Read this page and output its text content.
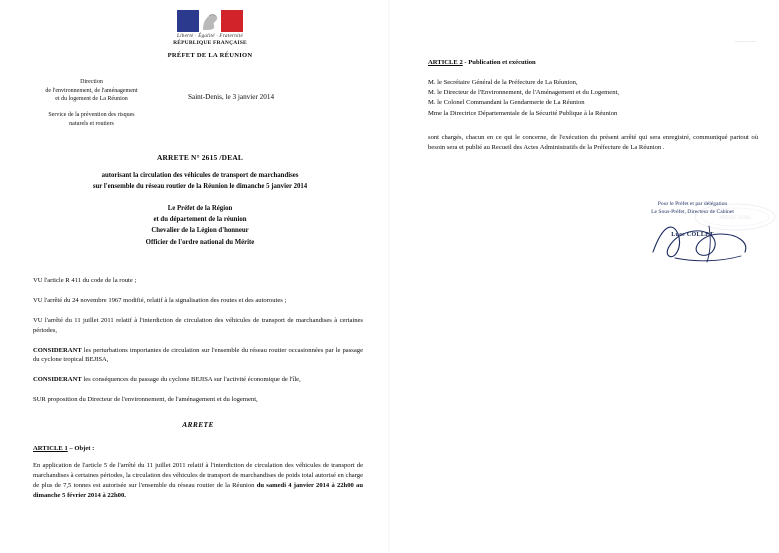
Liberté · Égalité · Fraternité
RÉPUBLIQUE FRANÇAISE
PRÉFET DE LA RÉUNION
Direction
de l'environnement, de l'aménagement
et du logement de La Réunion
Service de la prévention des risques
naturels et routiers
Saint-Denis, le 3 janvier 2014
ARRETE N° 2615 /DEAL
autorisant la circulation des véhicules de transport de marchandises
sur l'ensemble du réseau routier de la Réunion le dimanche 5 janvier 2014
Le Préfet de la Région
et du département de la réunion
Chevalier de la Légion d'honneur
Officier de l'ordre national du Mérite
VU l'article R 411 du code de la route ;
VU l'arrêté du 24 novembre 1967 modifié, relatif à la signalisation des routes et des autoroutes ;
VU l'arrêté du 11 juillet 2011 relatif à l'interdiction de circulation des véhicules de transport de marchandises à certaines périodes,
CONSIDERANT les perturbations importantes de circulation sur l'ensemble du réseau routier occasionnées par le passage du cyclone tropical BEJISA,
CONSIDERANT les conséquences du passage du cyclone BEJISA sur l'activité économique de l'île,
SUR proposition du Directeur de l'environnement, de l'aménagement et du logement,
ARRETE
ARTICLE 1 – Objet :
En application de l'article 5 de l'arrêté du 11 juillet 2011 relatif à l'interdiction de circulation des véhicules de transport de marchandises à certaines périodes, la circulation des véhicules de transport de marchandises de poids total autorisé en charge de plus de 7,5 tonnes est autorisée sur l'ensemble du réseau routier de la Réunion du samedi 4 janvier 2014 à 22h00 au dimanche 5 février 2014 à 22h00.
————
ARTICLE 2 - Publication et exécution
M. le Secrétaire Général de la Préfecture de La Réunion,
M. le Directeur de l'Environnement, de l'Aménagement et du Logement,
M. le Colonel Commandant la Gendarmerie de La Réunion
Mme la Directrice Départementale de la Sécurité Publique à la Réunion
sont chargés, chacun en ce qui le concerne, de l'exécution du présent arrêté qui sera enregistré, communiqué partout où besoin sera et publié au Recueil des Actes Administratifs de la Préfecture de La Réunion .
PRÉFECTURE
Pour le Préfet et par délégation
Le Sous-Préfet, Directeur de Cabinet
Luce COLLET
